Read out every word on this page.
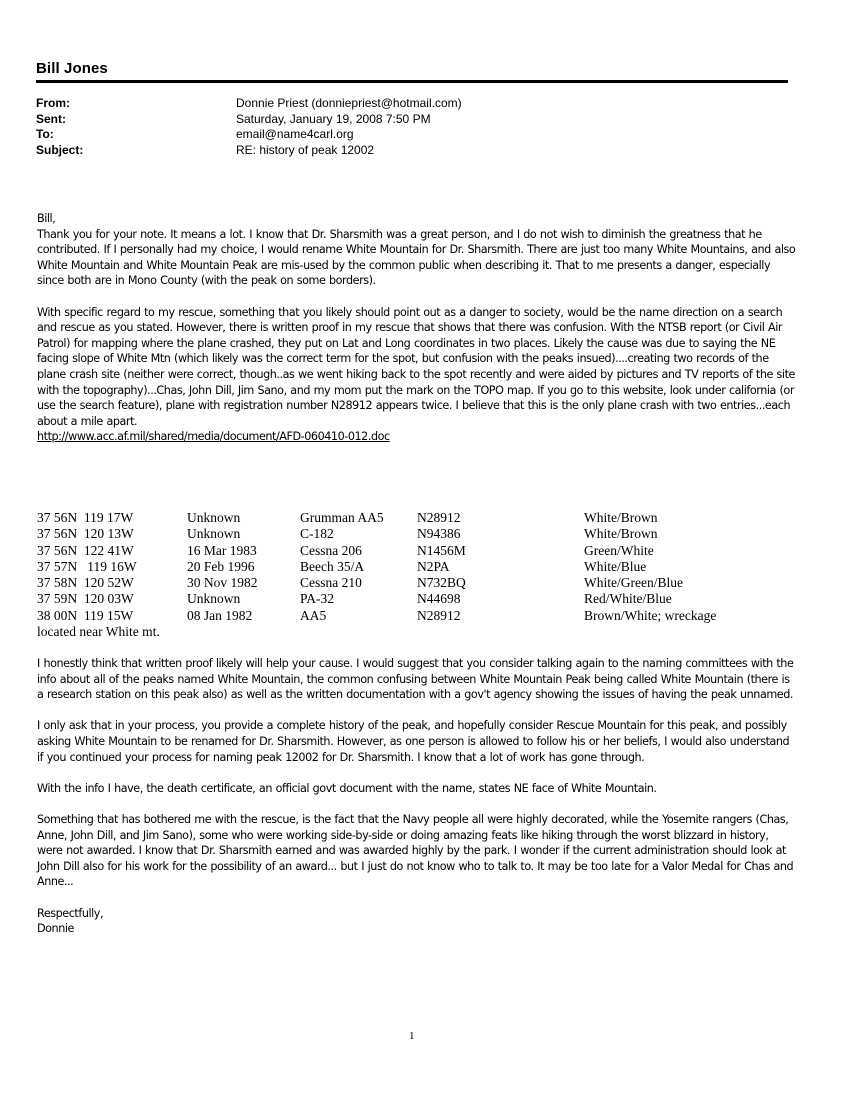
Bill Jones
From:	Donnie Priest (donniepriest@hotmail.com)
Sent:	Saturday, January 19, 2008 7:50 PM
To:	email@name4carl.org
Subject:	RE: history of peak 12002

Bill,

Thank you for your note. It means a lot. I know that Dr. Sharsmith was a great person, and I do not wish to diminish the greatness that he contributed. If I personally had my choice, I would rename White Mountain for Dr. Sharsmith. There are just too many White Mountains, and also White Mountain and White Mountain Peak are mis-used by the common public when describing it. That to me presents a danger, especially since both are in Mono County (with the peak on some borders).

With specific regard to my rescue, something that you likely should point out as a danger to society, would be the name direction on a search and rescue as you stated. However, there is written proof in my rescue that shows that there was confusion. With the NTSB report (or Civil Air Patrol) for mapping where the plane crashed, they put on Lat and Long coordinates in two places. Likely the cause was due to saying the NE facing slope of White Mtn (which likely was the correct term for the spot, but confusion with the peaks insued)....creating two records of the plane crash site (neither were correct, though..as we went hiking back to the spot recently and were aided by pictures and TV reports of the site with the topography)...Chas, John Dill, Jim Sano, and my mom put the mark on the TOPO map. If you go to this website, look under california (or use the search feature), plane with registration number N28912 appears twice. I believe that this is the only plane crash with two entries...each about a mile apart.

http://www.acc.af.mil/shared/media/document/AFD-060410-012.doc

37 56N  119 17W	Unknown	Grumman AA5	N28912	White/Brown
37 56N  120 13W	Unknown	C-182	N94386	White/Brown
37 56N  122 41W	16 Mar 1983	Cessna 206	N1456M	Green/White
37 57N   119 16W	20 Feb 1996	Beech 35/A	N2PA	White/Blue
37 58N  120 52W	30 Nov 1982	Cessna 210	N732BQ	White/Green/Blue
37 59N  120 03W	Unknown	PA-32	N44698	Red/White/Blue
38 00N  119 15W	08 Jan 1982	AA5	N28912	Brown/White; wreckage
located near White mt.

I honestly think that written proof likely will help your cause. I would suggest that you consider talking again to the naming committees with the info about all of the peaks named White Mountain, the common confusing between White Mountain Peak being called White Mountain (there is a research station on this peak also) as well as the written documentation with a gov't agency showing the issues of having the peak unnamed.

I only ask that in your process, you provide a complete history of the peak, and hopefully consider Rescue Mountain for this peak, and possibly asking White Mountain to be renamed for Dr. Sharsmith. However, as one person is allowed to follow his or her beliefs, I would also understand if you continued your process for naming peak 12002 for Dr. Sharsmith. I know that a lot of work has gone through.

With the info I have, the death certificate, an official govt document with the name, states NE face of White Mountain.

Something that has bothered me with the rescue, is the fact that the Navy people all were highly decorated, while the Yosemite rangers (Chas, Anne, John Dill, and Jim Sano), some who were working side-by-side or doing amazing feats like hiking through the worst blizzard in history, were not awarded. I know that Dr. Sharsmith earned and was awarded highly by the park. I wonder if the current administration should look at John Dill also for his work for the possibility of an award... but I just do not know who to talk to. It may be too late for a Valor Medal for Chas and Anne...

Respectfully,

Donnie

1
